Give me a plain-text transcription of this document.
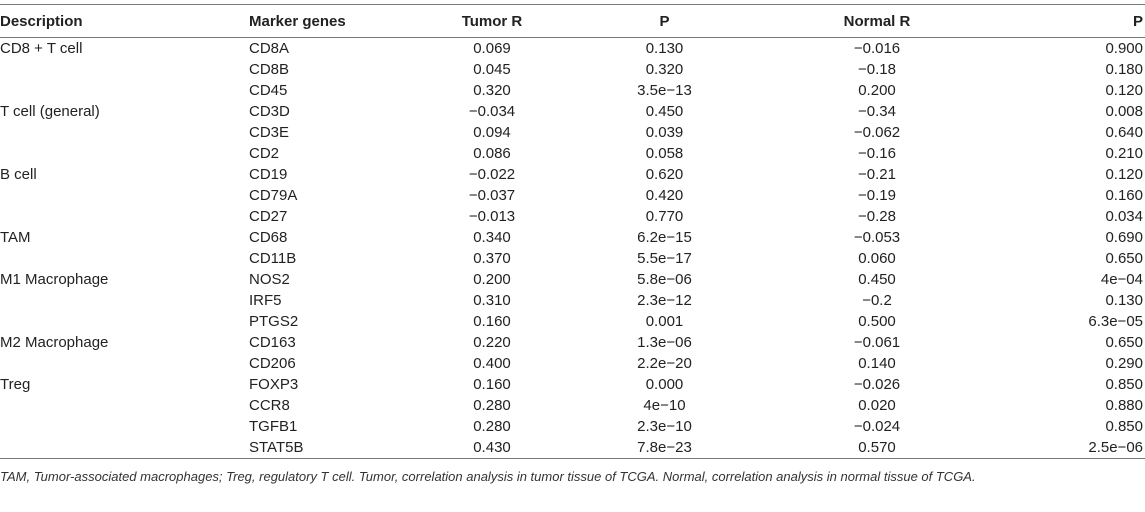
Description	Marker genes	Tumor R	P	Normal R	P
CD8 + T cell	CD8A	0.069	0.130	−0.016	0.900
	CD8B	0.045	0.320	−0.18	0.180
	CD45	0.320	3.5e−13	0.200	0.120
T cell (general)	CD3D	−0.034	0.450	−0.34	0.008
	CD3E	0.094	0.039	−0.062	0.640
	CD2	0.086	0.058	−0.16	0.210
B cell	CD19	−0.022	0.620	−0.21	0.120
	CD79A	−0.037	0.420	−0.19	0.160
	CD27	−0.013	0.770	−0.28	0.034
TAM	CD68	0.340	6.2e−15	−0.053	0.690
	CD11B	0.370	5.5e−17	0.060	0.650
M1 Macrophage	NOS2	0.200	5.8e−06	0.450	4e−04
	IRF5	0.310	2.3e−12	−0.2	0.130
	PTGS2	0.160	0.001	0.500	6.3e−05
M2 Macrophage	CD163	0.220	1.3e−06	−0.061	0.650
	CD206	0.400	2.2e−20	0.140	0.290
Treg	FOXP3	0.160	0.000	−0.026	0.850
	CCR8	0.280	4e−10	0.020	0.880
	TGFB1	0.280	2.3e−10	−0.024	0.850
	STAT5B	0.430	7.8e−23	0.570	2.5e−06
TAM, Tumor-associated macrophages; Treg, regulatory T cell. Tumor, correlation analysis in tumor tissue of TCGA. Normal, correlation analysis in normal tissue of TCGA.
